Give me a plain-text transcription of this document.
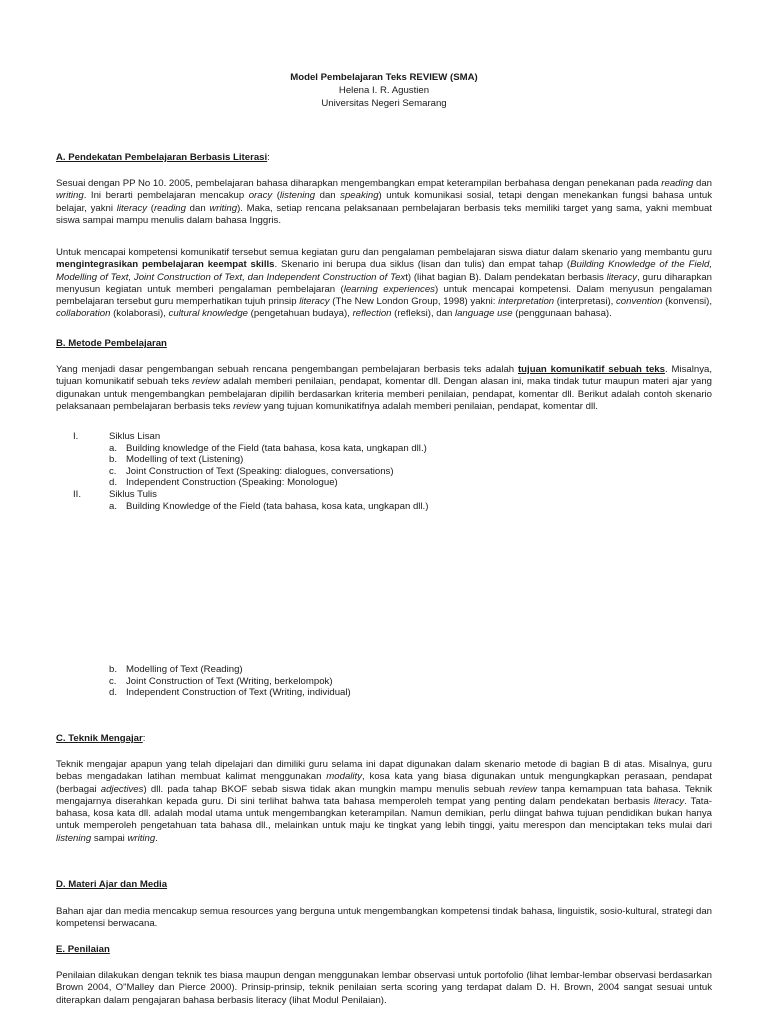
Model Pembelajaran Teks REVIEW (SMA)
Helena I. R. Agustien
Universitas Negeri Semarang
A. Pendekatan Pembelajaran Berbasis Literasi:
Sesuai dengan PP No 10. 2005, pembelajaran bahasa diharapkan mengembangkan empat keterampilan berbahasa dengan penekanan pada reading dan writing. Ini berarti pembelajaran mencakup oracy (listening dan speaking) untuk komunikasi sosial, tetapi dengan menekankan fungsi bahasa untuk belajar, yakni literacy (reading dan writing). Maka, setiap rencana pelaksanaan pembelajaran berbasis teks memiliki target yang sama, yakni membuat siswa sampai mampu menulis dalam bahasa Inggris.
Untuk mencapai kompetensi komunikatif tersebut semua kegiatan guru dan pengalaman pembelajaran siswa diatur dalam skenario yang membantu guru mengintegrasikan pembelajaran keempat skills. Skenario ini berupa dua siklus (lisan dan tulis) dan empat tahap (Building Knowledge of the Field, Modelling of Text, Joint Construction of Text, dan Independent Construction of Text) (lihat bagian B). Dalam pendekatan berbasis literacy, guru diharapkan menyusun kegiatan untuk memberi pengalaman pembelajaran (learning experiences) untuk mencapai kompetensi. Dalam menyusun pengalaman pembelajaran tersebut guru memperhatikan tujuh prinsip literacy (The New London Group, 1998) yakni: interpretation (interpretasi), convention (konvensi), collaboration (kolaborasi), cultural knowledge (pengetahuan budaya), reflection (refleksi), dan language use (penggunaan bahasa).
B. Metode Pembelajaran
Yang menjadi dasar pengembangan sebuah rencana pengembangan pembelajaran berbasis teks adalah tujuan komunikatif sebuah teks. Misalnya, tujuan komunikatif sebuah teks review adalah memberi penilaian, pendapat, komentar dll. Dengan alasan ini, maka tindak tutur maupun materi ajar yang digunakan untuk mengembangkan pembelajaran dipilih berdasarkan kriteria memberi penilaian, pendapat, komentar dll. Berikut adalah contoh skenario pelaksanaan pembelajaran berbasis teks review yang tujuan komunikatifnya adalah memberi penilaian, pendapat, komentar dll.
I.	Siklus Lisan
a. Building knowledge of the Field (tata bahasa, kosa kata, ungkapan dll.)
b. Modelling of text (Listening)
c. Joint Construction of Text (Speaking: dialogues, conversations)
d. Independent Construction (Speaking: Monologue)
II.	Siklus Tulis
a. Building Knowledge of the Field (tata bahasa, kosa kata, ungkapan dll.)
b. Modelling of Text (Reading)
c. Joint Construction of Text (Writing, berkelompok)
d. Independent Construction of Text (Writing, individual)
C. Teknik Mengajar:
Teknik mengajar apapun yang telah dipelajari dan dimiliki guru selama ini dapat digunakan dalam skenario metode di bagian B di atas. Misalnya, guru bebas mengadakan latihan membuat kalimat menggunakan modality, kosa kata yang biasa digunakan untuk mengungkapkan perasaan, pendapat (berbagai adjectives) dll. pada tahap BKOF sebab siswa tidak akan mungkin mampu menulis sebuah review tanpa kemampuan tata bahasa. Teknik mengajarnya diserahkan kepada guru. Di sini terlihat bahwa tata bahasa memperoleh tempat yang penting dalam pendekatan berbasis literacy. Tata-bahasa, kosa kata dll. adalah modal utama untuk mengembangkan keterampilan. Namun demikian, perlu diingat bahwa tujuan pendidikan bukan hanya untuk memperoleh pengetahuan tata bahasa dll., melainkan untuk maju ke tingkat yang lebih tinggi, yaitu merespon dan menciptakan teks mulai dari listening sampai writing.
D. Materi Ajar dan Media
Bahan ajar dan media mencakup semua resources yang berguna untuk mengembangkan kompetensi tindak bahasa, linguistik, sosio-kultural, strategi dan kompetensi berwacana.
E. Penilaian
Penilaian dilakukan dengan teknik tes biasa maupun dengan menggunakan lembar observasi untuk portofolio (lihat lembar-lembar observasi berdasarkan Brown 2004, O"Malley dan Pierce 2000). Prinsip-prinsip, teknik penilaian serta scoring yang terdapat dalam D. H. Brown, 2004 sangat sesuai untuk diterapkan dalam pengajaran bahasa berbasis literacy (lihat Modul Penilaian).
